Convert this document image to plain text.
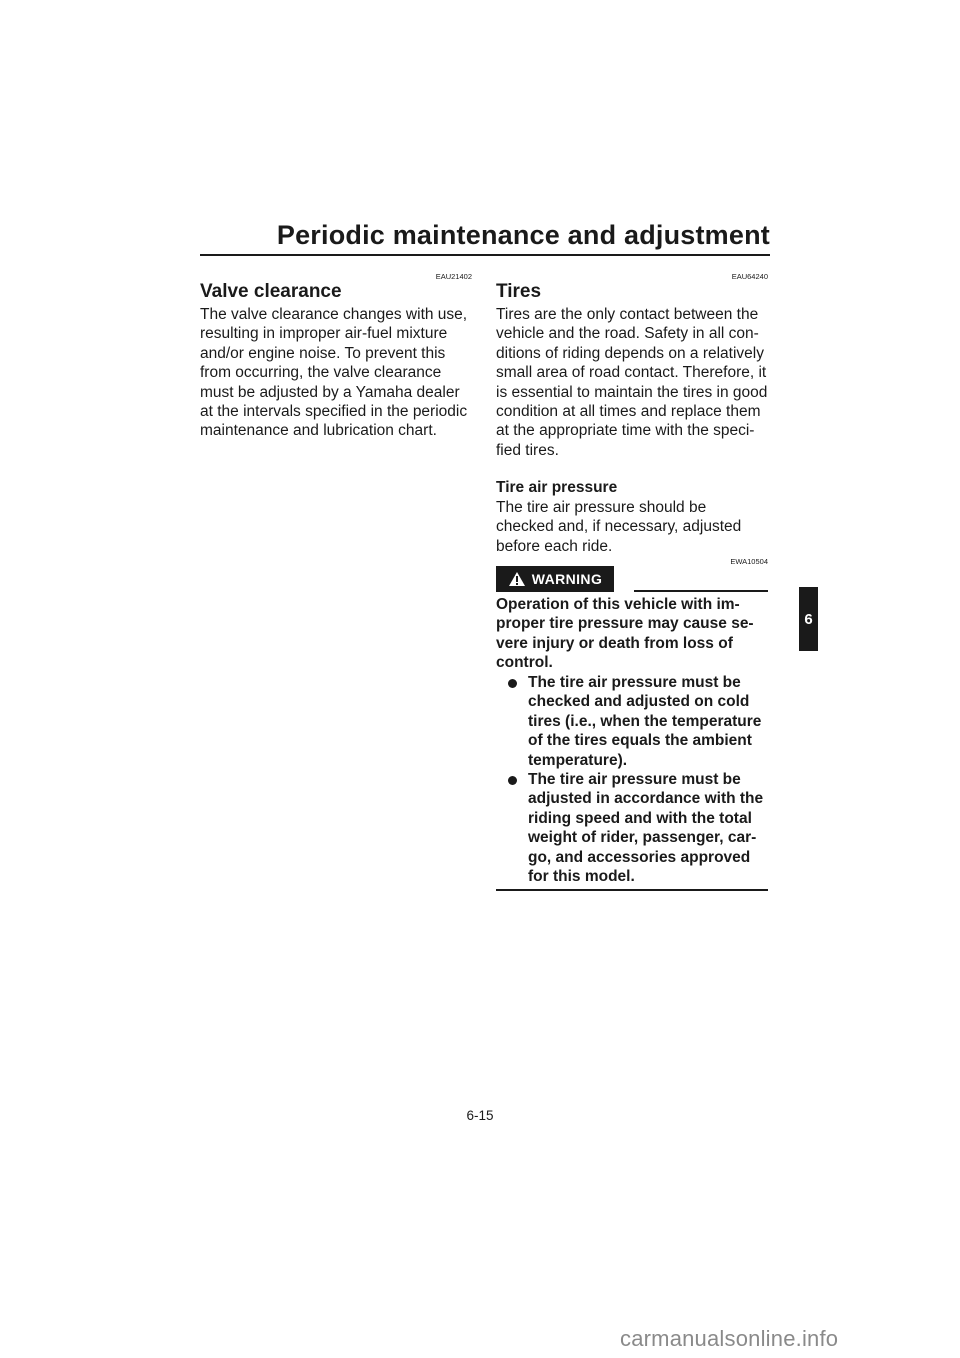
Periodic maintenance and adjustment
EAU21402
Valve clearance
The valve clearance changes with use,
resulting in improper air-fuel mixture
and/or engine noise. To prevent this
from occurring, the valve clearance
must be adjusted by a Yamaha dealer
at the intervals specified in the periodic
maintenance and lubrication chart.
EAU64240
Tires
Tires are the only contact between the
vehicle and the road. Safety in all con-
ditions of riding depends on a relatively
small area of road contact. Therefore, it
is essential to maintain the tires in good
condition at all times and replace them
at the appropriate time with the speci-
fied tires.
Tire air pressure
The tire air pressure should be
checked and, if necessary, adjusted
before each ride.
EWA10504
WARNING
Operation of this vehicle with im-
proper tire pressure may cause se-
vere injury or death from loss of
control.
The tire air pressure must be
checked and adjusted on cold
tires (i.e., when the temperature
of the tires equals the ambient
temperature).
The tire air pressure must be
adjusted in accordance with the
riding speed and with the total
weight of rider, passenger, car-
go, and accessories approved
for this model.
6
6-15
carmanualsonline.info
